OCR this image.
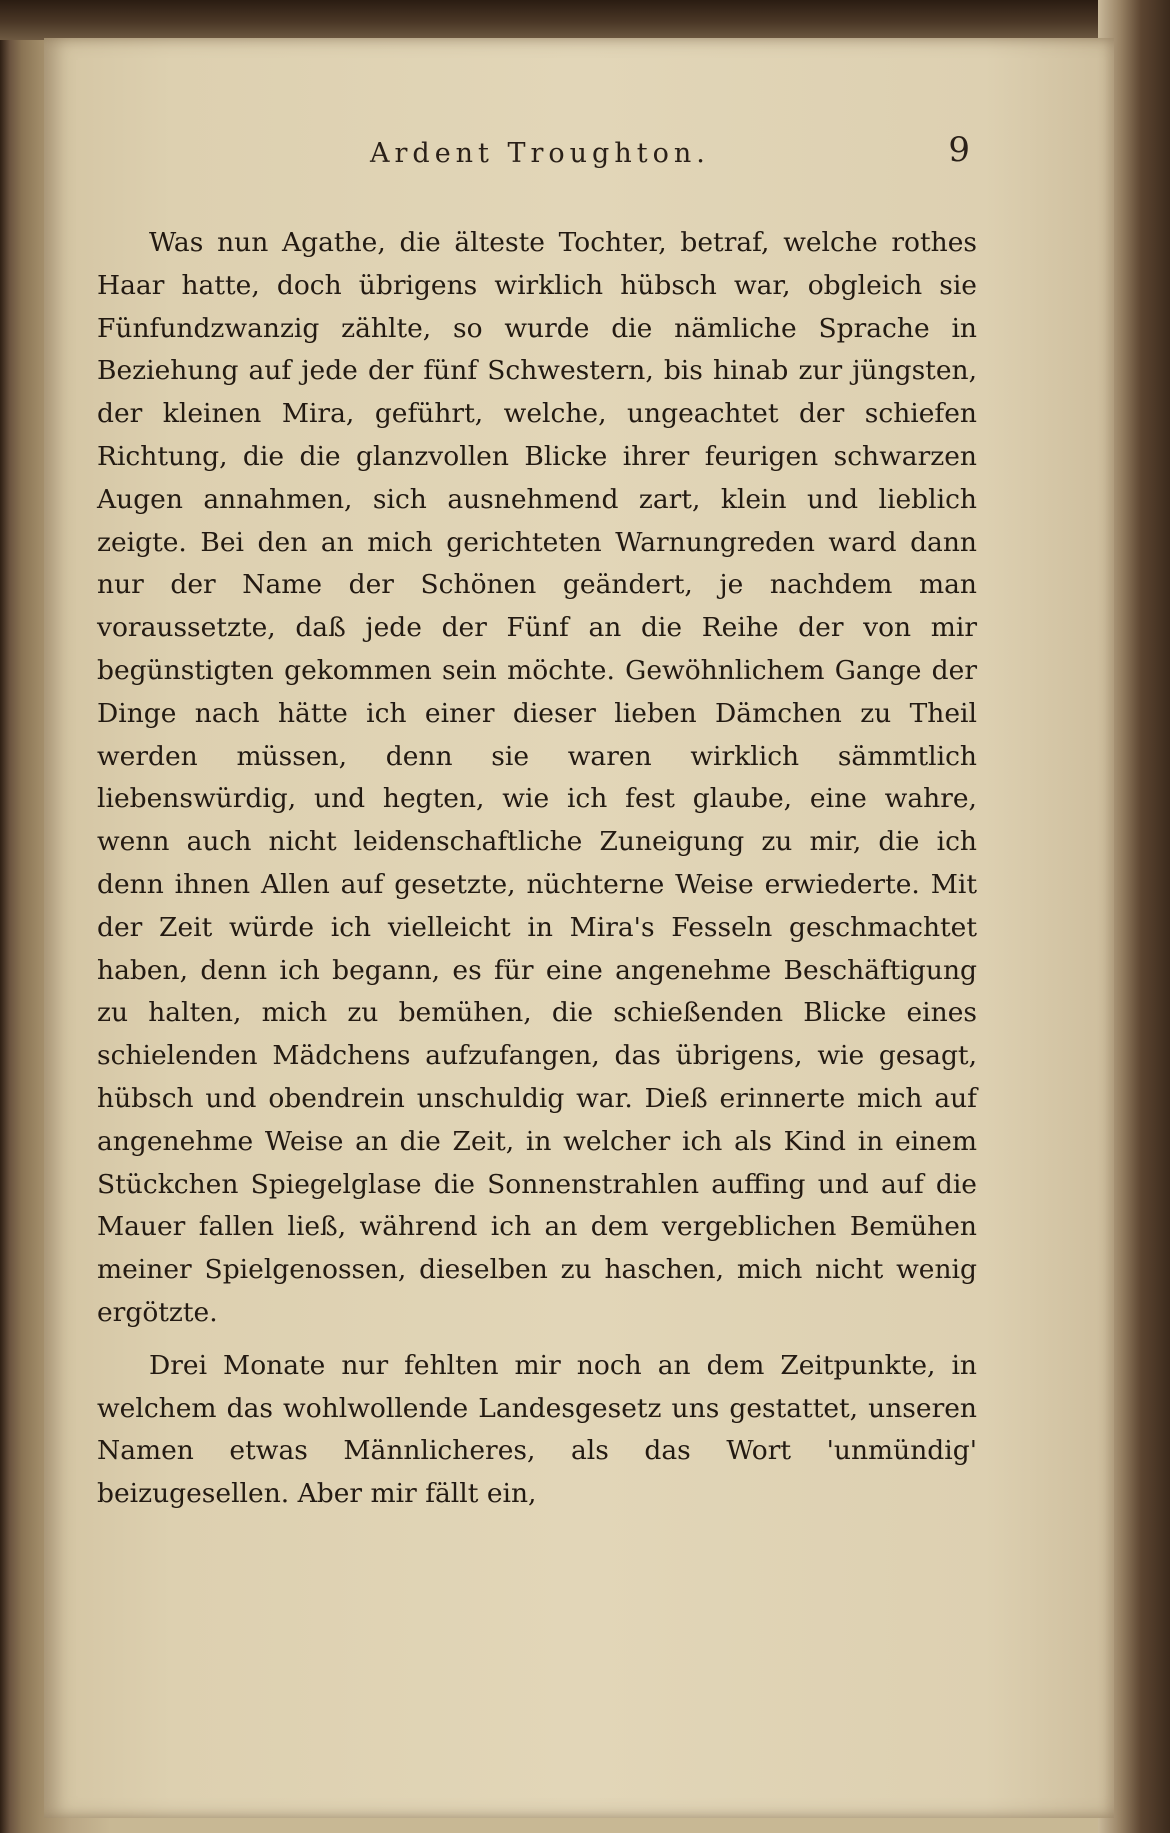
Ardent Troughton.	9

Was nun Agathe, die älteste Tochter, betraf, welche rothes Haar hatte, doch übrigens wirklich hübsch war, obgleich sie Fünfundzwanzig zählte, so wurde die nämliche Sprache in Beziehung auf jede der fünf Schwestern, bis hinab zur jüngsten, der kleinen Mira, geführt, welche, ungeachtet der schiefen Richtung, die die glanzvollen Blicke ihrer feurigen schwarzen Augen annahmen, sich ausnehmend zart, klein und lieblich zeigte. Bei den an mich gerichteten Warnungreden ward dann nur der Name der Schönen geändert, je nachdem man voraussetzte, daß jede der Fünf an die Reihe der von mir begünstigten gekommen sein möchte. Gewöhnlichem Gange der Dinge nach hätte ich einer dieser lieben Dämchen zu Theil werden müssen, denn sie waren wirklich sämmtlich liebenswürdig, und hegten, wie ich fest glaube, eine wahre, wenn auch nicht leidenschaftliche Zuneigung zu mir, die ich denn ihnen Allen auf gesetzte, nüchterne Weise erwiederte. Mit der Zeit würde ich vielleicht in Mira's Fesseln geschmachtet haben, denn ich begann, es für eine angenehme Beschäftigung zu halten, mich zu bemühen, die schießenden Blicke eines schielenden Mädchens aufzufangen, das übrigens, wie gesagt, hübsch und obendrein unschuldig war. Dieß erinnerte mich auf angenehme Weise an die Zeit, in welcher ich als Kind in einem Stückchen Spiegelglase die Sonnenstrahlen auffing und auf die Mauer fallen ließ, während ich an dem vergeblichen Bemühen meiner Spielgenossen, dieselben zu haschen, mich nicht wenig ergötzte.

Drei Monate nur fehlten mir noch an dem Zeitpunkte, in welchem das wohlwollende Landesgesetz uns gestattet, unseren Namen etwas Männlicheres, als das Wort 'unmündig' beizugesellen. Aber mir fällt ein,
